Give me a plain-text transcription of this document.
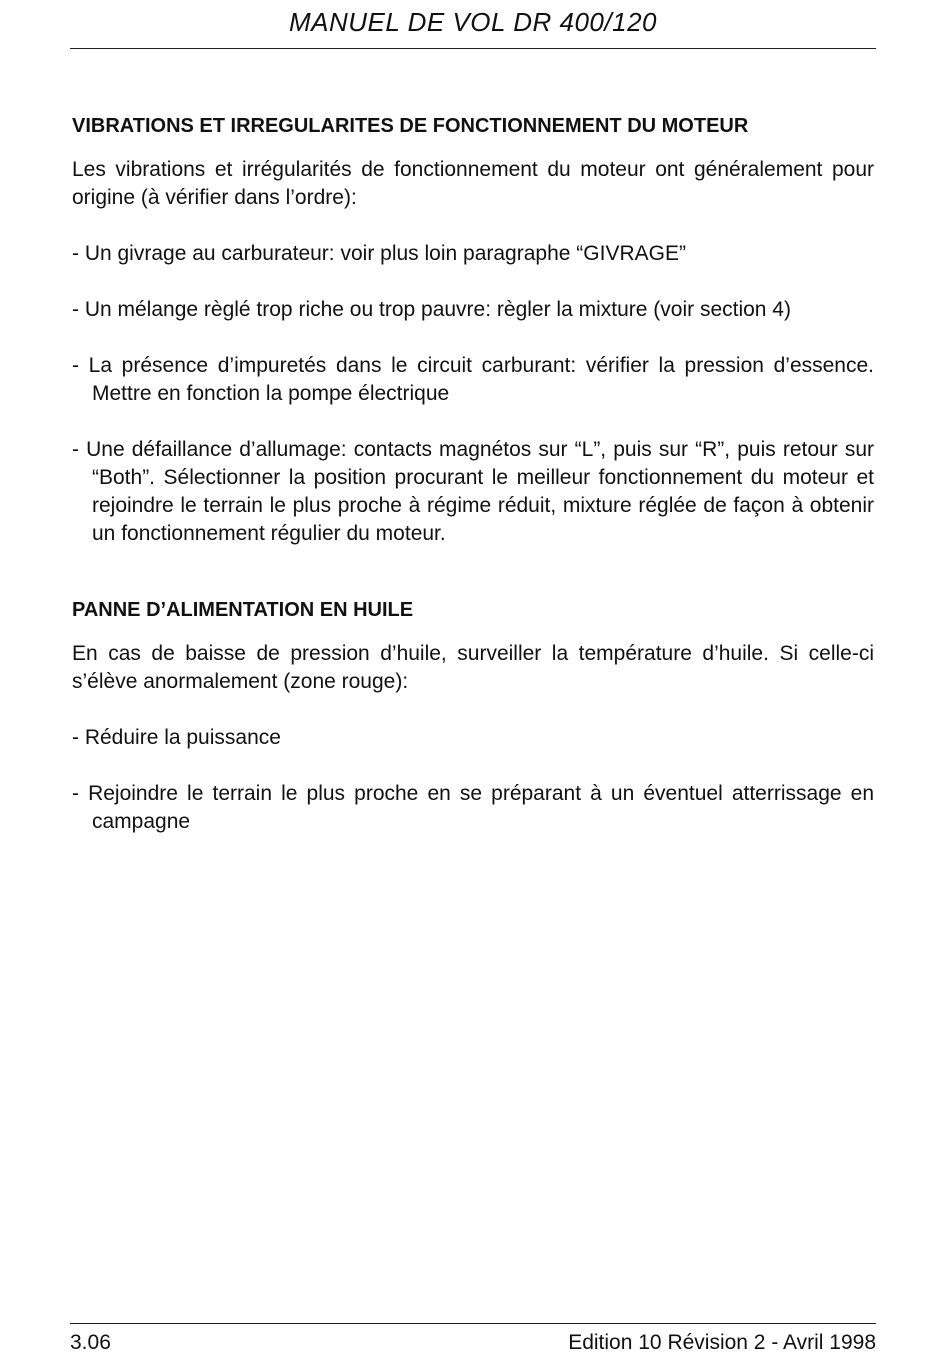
MANUEL DE VOL DR 400/120
VIBRATIONS ET IRREGULARITES DE FONCTIONNEMENT DU MOTEUR

Les vibrations et irrégularités de fonctionnement du moteur ont généralement pour origine (à vérifier dans l’ordre):

- Un givrage au carburateur: voir plus loin paragraphe “GIVRAGE”

- Un mélange règlé trop riche ou trop pauvre: règler la mixture (voir section 4)

- La présence d’impuretés dans le circuit carburant: vérifier la pression d’essence. Mettre en fonction la pompe électrique

- Une défaillance d’allumage: contacts magnétos sur “L”, puis sur “R”, puis retour sur “Both”. Sélectionner la position procurant le meilleur fonctionnement du moteur et rejoindre le terrain le plus proche à régime réduit, mixture réglée de façon à obtenir un fonctionnement régulier du moteur.

PANNE D’ALIMENTATION EN HUILE

En cas de baisse de pression d’huile, surveiller la température d’huile. Si celle-ci s’élève anormalement (zone rouge):

- Réduire la puissance

- Rejoindre le terrain le plus proche en se préparant à un éventuel atterrissage en campagne

3.06	Edition 10 Révision 2 - Avril 1998
